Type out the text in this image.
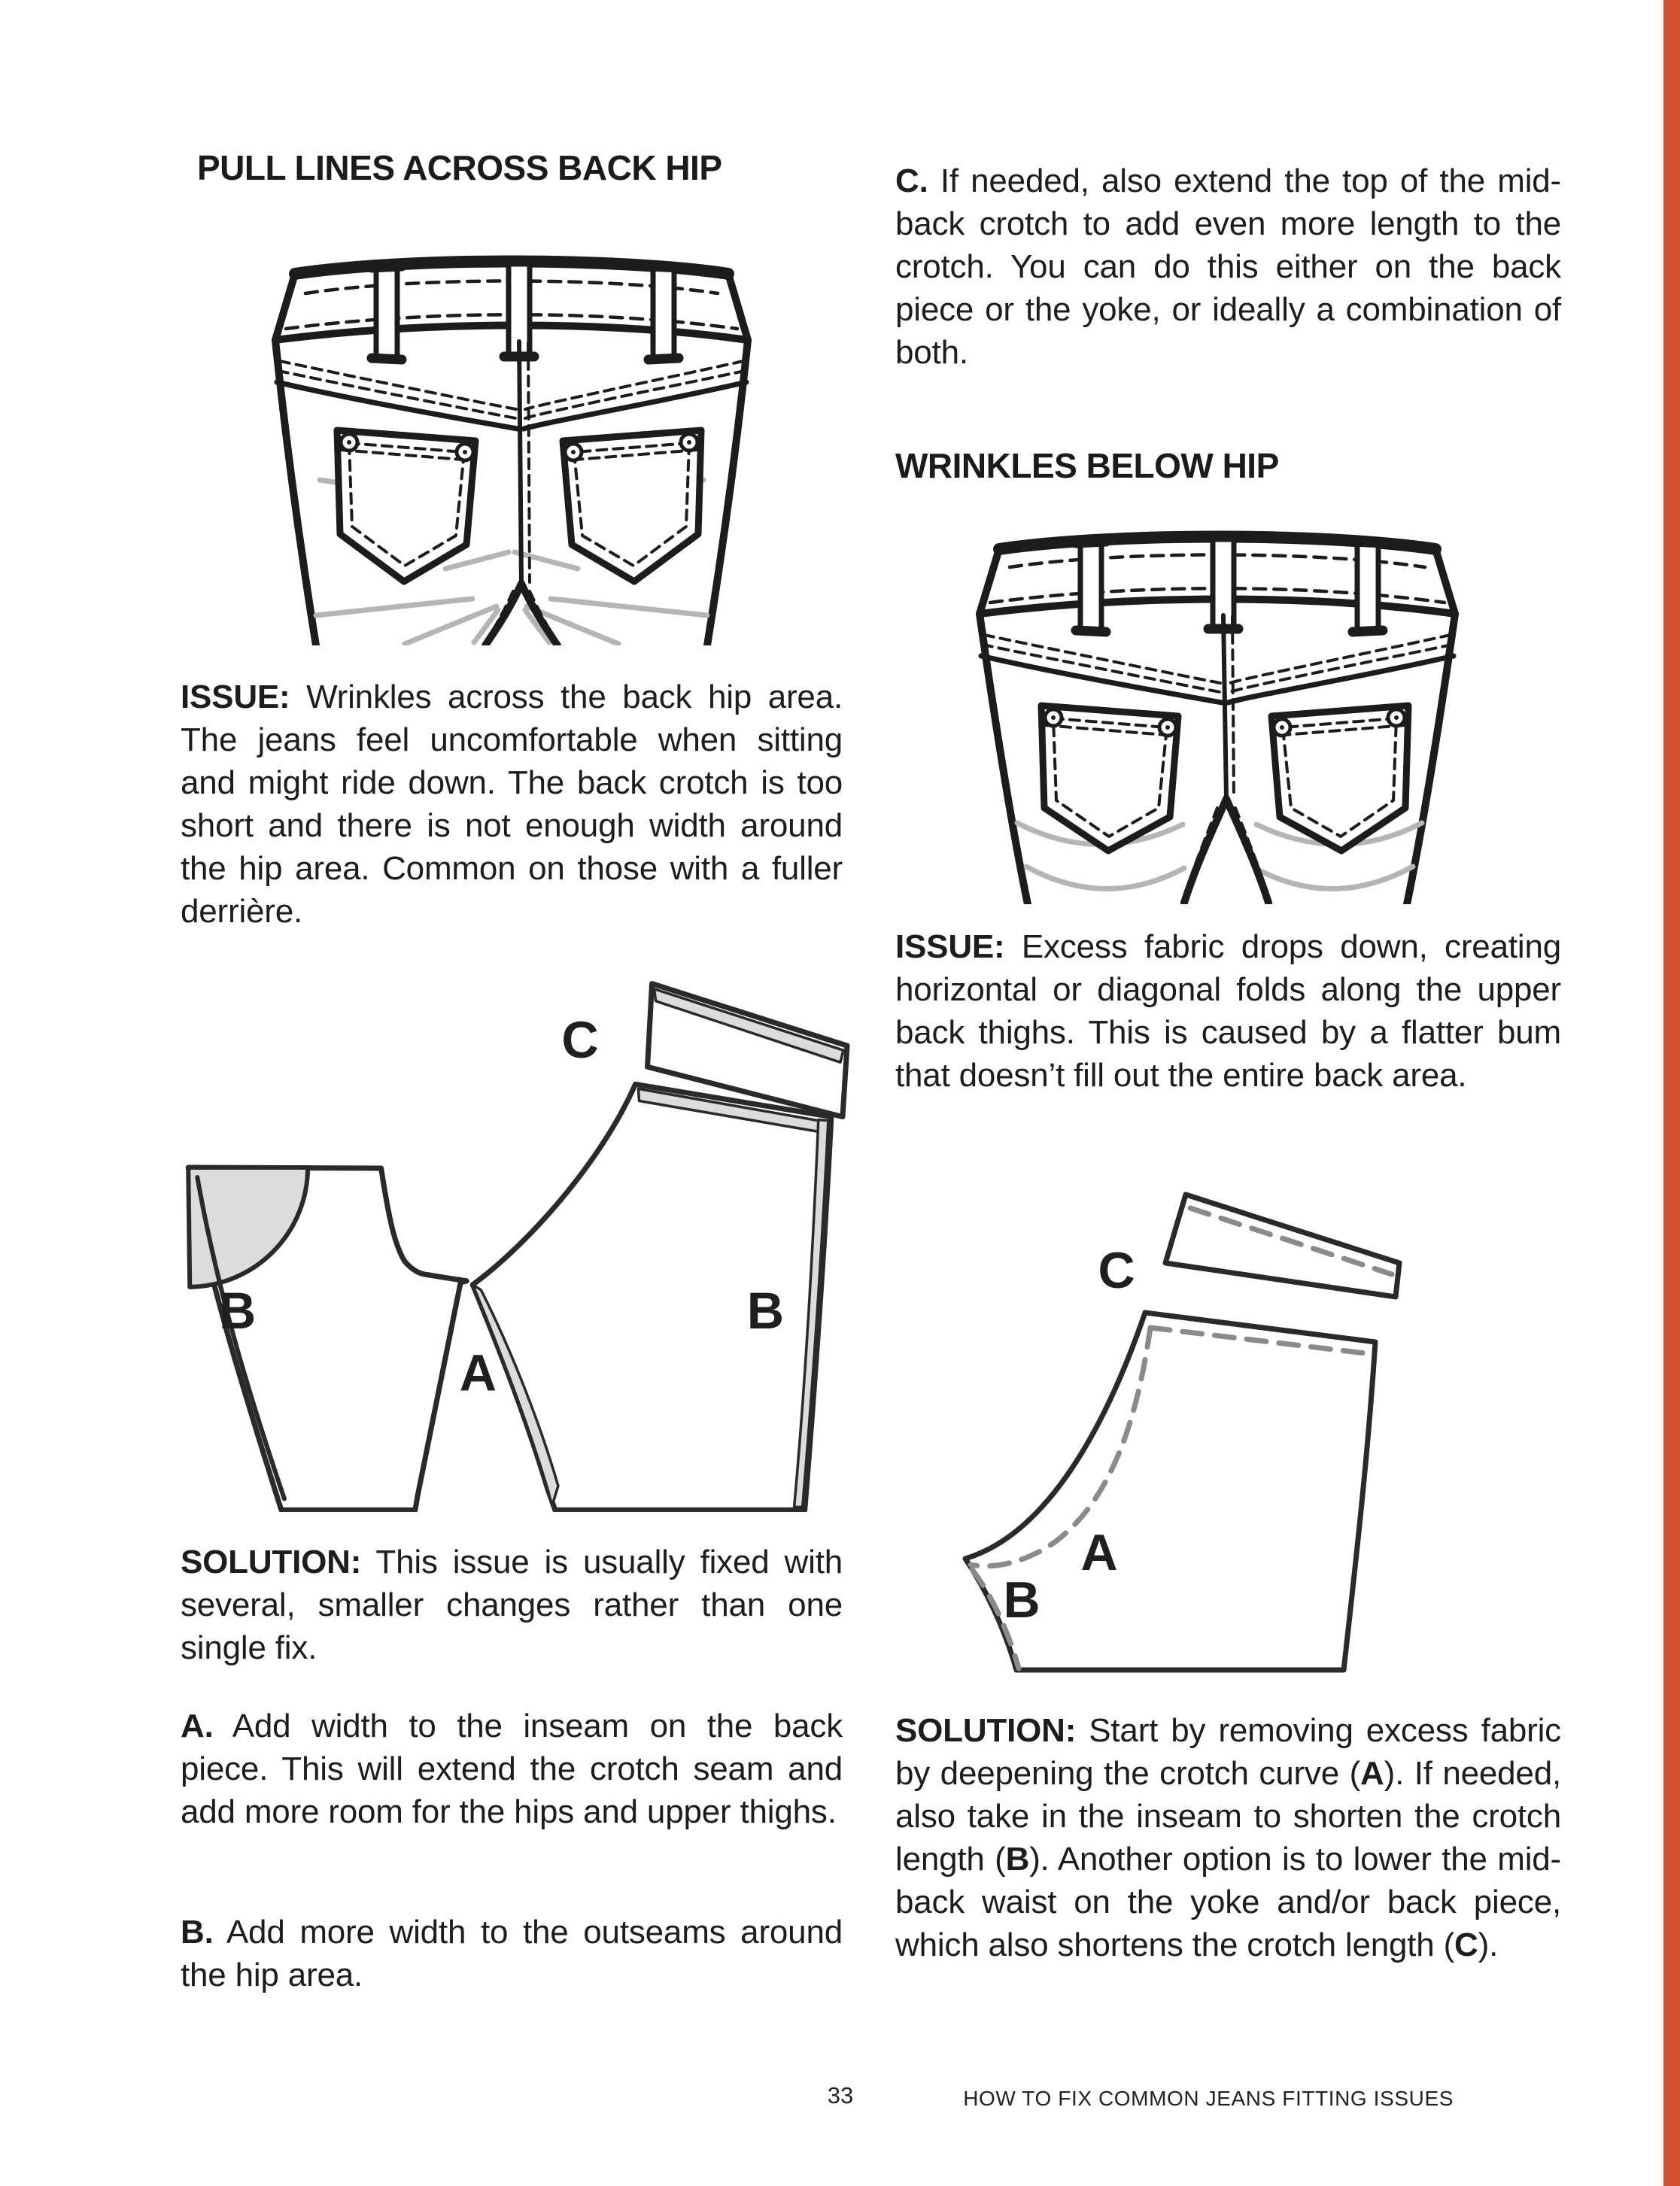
PULL LINES ACROSS BACK HIP
ISSUE: Wrinkles across the back hip area. The jeans feel uncomfortable when sitting and might ride down. The back crotch is too short and there is not enough width around the hip area. Common on those with a fuller derrière.
C
B
A
B
SOLUTION: This issue is usually fixed with several, smaller changes rather than one single fix.
A. Add width to the inseam on the back piece. This will extend the crotch seam and add more room for the hips and upper thighs.
B. Add more width to the outseams around the hip area.
C. If needed, also extend the top of the mid-back crotch to add even more length to the crotch. You can do this either on the back piece or the yoke, or ideally a combination of both.
WRINKLES BELOW HIP
ISSUE: Excess fabric drops down, creating horizontal or diagonal folds along the upper back thighs. This is caused by a flatter bum that doesn’t fill out the entire back area.
C
A
B
SOLUTION: Start by removing excess fabric by deepening the crotch curve (A). If needed, also take in the inseam to shorten the crotch length (B). Another option is to lower the mid-back waist on the yoke and/or back piece, which also shortens the crotch length (C).
33	HOW TO FIX COMMON JEANS FITTING ISSUES
